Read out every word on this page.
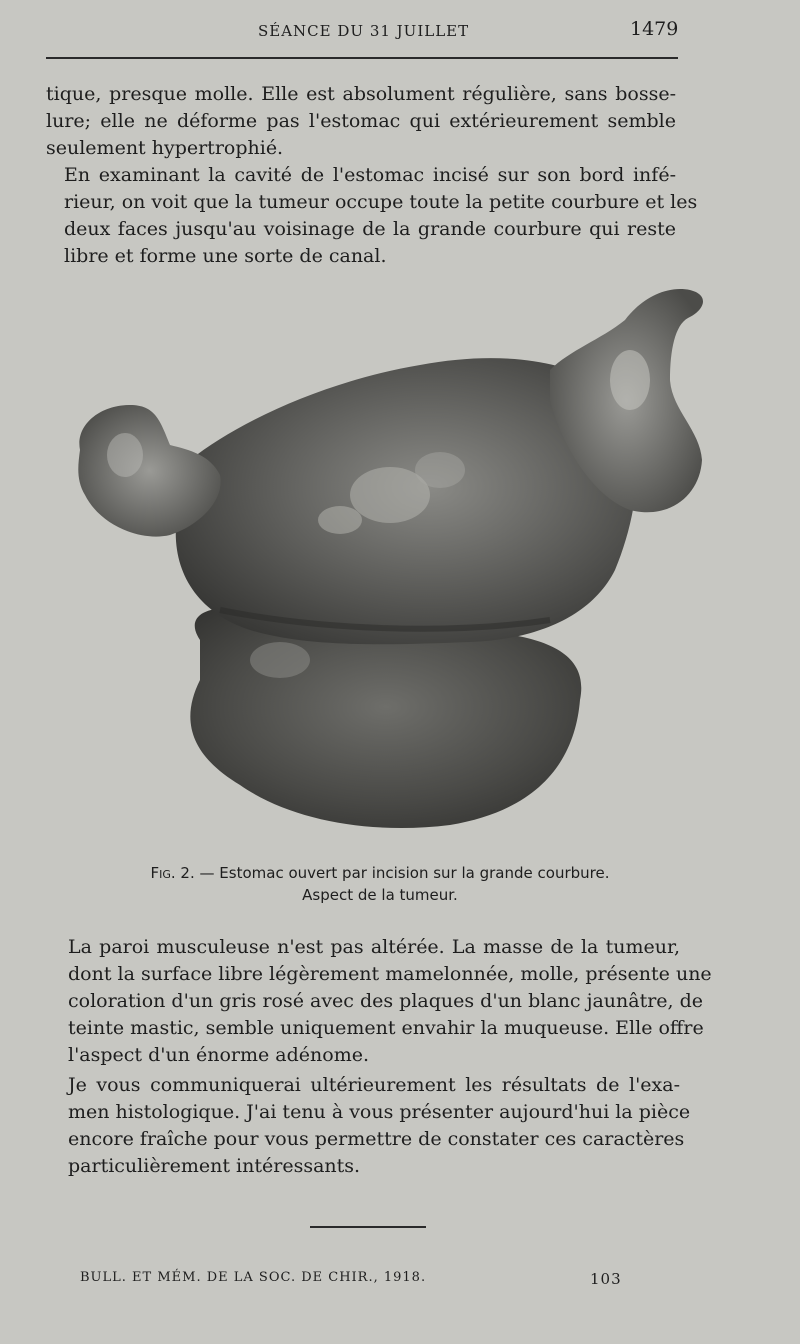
SÉANCE DU 31 JUILLET	1479

tique, presque molle. Elle est absolument régulière, sans bosse-
lure; elle ne déforme pas l'estomac qui extérieurement semble
seulement hypertrophié.

En examinant la cavité de l'estomac incisé sur son bord infé-
rieur, on voit que la tumeur occupe toute la petite courbure et les
deux faces jusqu'au voisinage de la grande courbure qui reste
libre et forme une sorte de canal.

Fig. 2. — Estomac ouvert par incision sur la grande courbure.
Aspect de la tumeur.

La paroi musculeuse n'est pas altérée. La masse de la tumeur,
dont la surface libre légèrement mamelonnée, molle, présente une
coloration d'un gris rosé avec des plaques d'un blanc jaunâtre, de
teinte mastic, semble uniquement envahir la muqueuse. Elle offre
l'aspect d'un énorme adénome.

Je vous communiquerai ultérieurement les résultats de l'exa-
men histologique. J'ai tenu à vous présenter aujourd'hui la pièce
encore fraîche pour vous permettre de constater ces caractères
particulièrement intéressants.

BULL. ET MÉM. DE LA SOC. DE CHIR., 1918.	103
